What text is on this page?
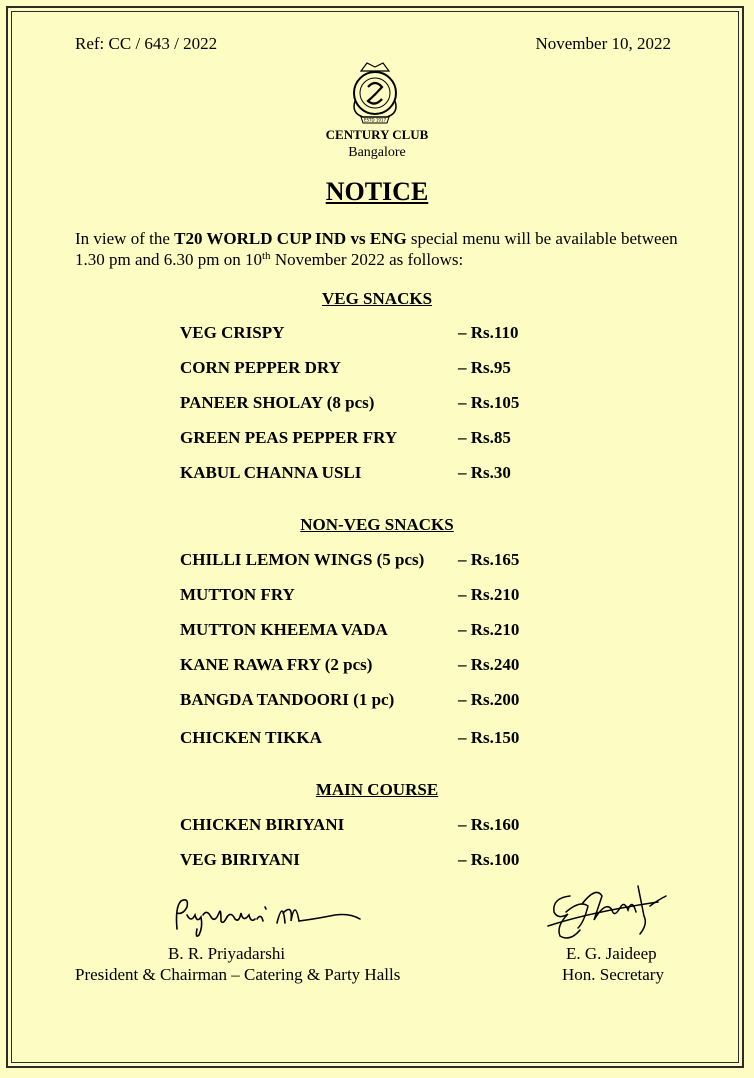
Ref: CC / 643 / 2022	November 10, 2022
ESTD 1917
CENTURY CLUB
Bangalore
NOTICE
In view of the T20 WORLD CUP IND vs ENG special menu will be available between 1.30 pm and 6.30 pm on 10th November 2022 as follows:
VEG SNACKS
VEG CRISPY	– Rs.110
CORN PEPPER DRY	– Rs.95
PANEER SHOLAY (8 pcs)	– Rs.105
GREEN PEAS PEPPER FRY	– Rs.85
KABUL CHANNA USLI	– Rs.30
NON-VEG SNACKS
CHILLI LEMON WINGS (5 pcs) – Rs.165
MUTTON FRY	– Rs.210
MUTTON KHEEMA VADA	– Rs.210
KANE RAWA FRY (2 pcs)	– Rs.240
BANGDA TANDOORI (1 pc)	– Rs.200
CHICKEN TIKKA	– Rs.150
MAIN COURSE
CHICKEN BIRIYANI	– Rs.160
VEG BIRIYANI	– Rs.100
B. R. Priyadarshi
President & Chairman – Catering & Party Halls
E. G. Jaideep
Hon. Secretary
